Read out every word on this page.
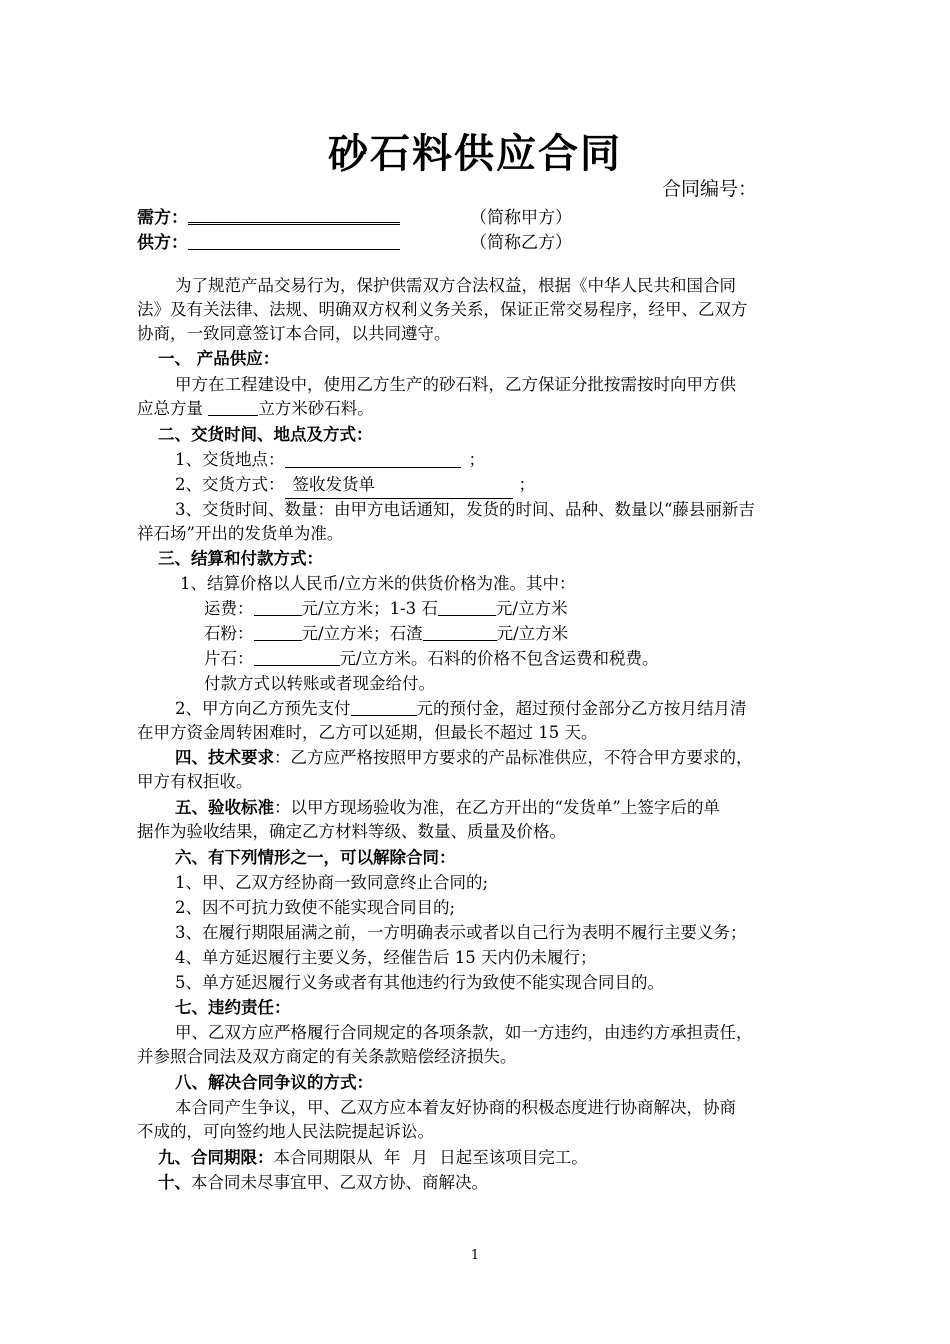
砂石料供应合同
合同编号：
需方：	（简称甲方）
供方：	（简称乙方）
为了规范产品交易行为，保护供需双方合法权益，根据《中华人民共和国合同
法》及有关法律、法规、明确双方权利义务关系，保证正常交易程序，经甲、乙双方
协商，一致同意签订本合同，以共同遵守。
一、 产品供应：
甲方在工程建设中，使用乙方生产的砂石料，乙方保证分批按需按时向甲方供
应总方量	立方米砂石料。
二、交货时间、地点及方式：
1、交货地点：	；
2、交货方式： 签收发货单	；
3、交货时间、数量：由甲方电话通知，发货的时间、品种、数量以“藤县丽新吉
祥石场”开出的发货单为准。
三、结算和付款方式：
1、结算价格以人民币/立方米的供货价格为准。其中：
运费：	元/立方米；1-3 石	元/立方米
石粉：	元/立方米；石渣	元/立方米
片石：	元/立方米。石料的价格不包含运费和税费。
付款方式以转账或者现金给付。
2、甲方向乙方预先支付	元的预付金，超过预付金部分乙方按月结月清
在甲方资金周转困难时，乙方可以延期，但最长不超过 15 天。
四、技术要求：乙方应严格按照甲方要求的产品标准供应，不符合甲方要求的，
甲方有权拒收。
五、验收标准：以甲方现场验收为准，在乙方开出的“发货单”上签字后的单
据作为验收结果，确定乙方材料等级、数量、质量及价格。
六、有下列情形之一，可以解除合同：
1、甲、乙双方经协商一致同意终止合同的;
2、因不可抗力致使不能实现合同目的;
3、在履行期限届满之前，一方明确表示或者以自己行为表明不履行主要义务；
4、单方延迟履行主要义务，经催告后 15 天内仍未履行；
5、单方延迟履行义务或者有其他违约行为致使不能实现合同目的。
七、违约责任：
甲、乙双方应严格履行合同规定的各项条款，如一方违约，由违约方承担责任，
并参照合同法及双方商定的有关条款赔偿经济损失。
八、解决合同争议的方式：
本合同产生争议，甲、乙双方应本着友好协商的积极态度进行协商解决，协商
不成的，可向签约地人民法院提起诉讼。
九、合同期限：本合同期限从 年 月 日起至该项目完工。
十、本合同未尽事宜甲、乙双方协、商解决。
1
